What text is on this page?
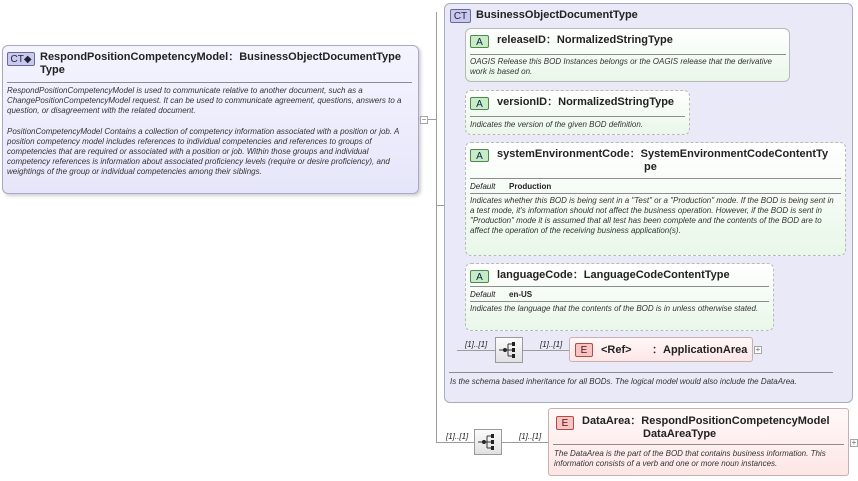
CT◆ RespondPositionCompetencyModel：BusinessObjectDocumentType Type
RespondPositionCompetencyModel is used to communicate relative to another document, such as a ChangePositionCompetencyModel request. It can be used to communicate agreement, questions, answers to a question, or disagreement with the related document.
PositionCompetencyModel Contains a collection of competency information associated with a position or job. A position competency model includes references to individual competencies and references to groups of competencies that are required or associated with a position or job. Within those groups and individual competency references is information about associated proficiency levels (require or desire proficiency), and weightings of the group or individual competencies among their siblings.
−
CT BusinessObjectDocumentType
A	releaseID：NormalizedStringType
OAGIS Release this BOD Instances belongs or the OAGIS release that the derivative work is based on.
A	versionID：NormalizedStringType
Indicates the version of the given BOD definition.
A	systemEnvironmentCode：SystemEnvironmentCodeContentTy
pe
Default Production
Indicates whether this BOD is being sent in a "Test" or a "Production" mode. If the BOD is being sent in a test mode, it's information should not affect the business operation. However, if the BOD is sent in "Production" mode it is assumed that all test has been complete and the contents of the BOD are to affect the operation of the receiving business application(s).
A	languageCode：LanguageCodeContentType
Default en-US
Indicates the language that the contents of the BOD is in unless otherwise stated.
[1]..[1]	[1]..[1]
E	<Ref> ：ApplicationArea +
Is the schema based inheritance for all BODs. The logical model would also include the DataArea.
[1]..[1]	[1]..[1]
E	DataArea：RespondPositionCompetencyModel
DataAreaType
The DataArea is the part of the BOD that contains business information. This information consists of a verb and one or more noun instances.
+
